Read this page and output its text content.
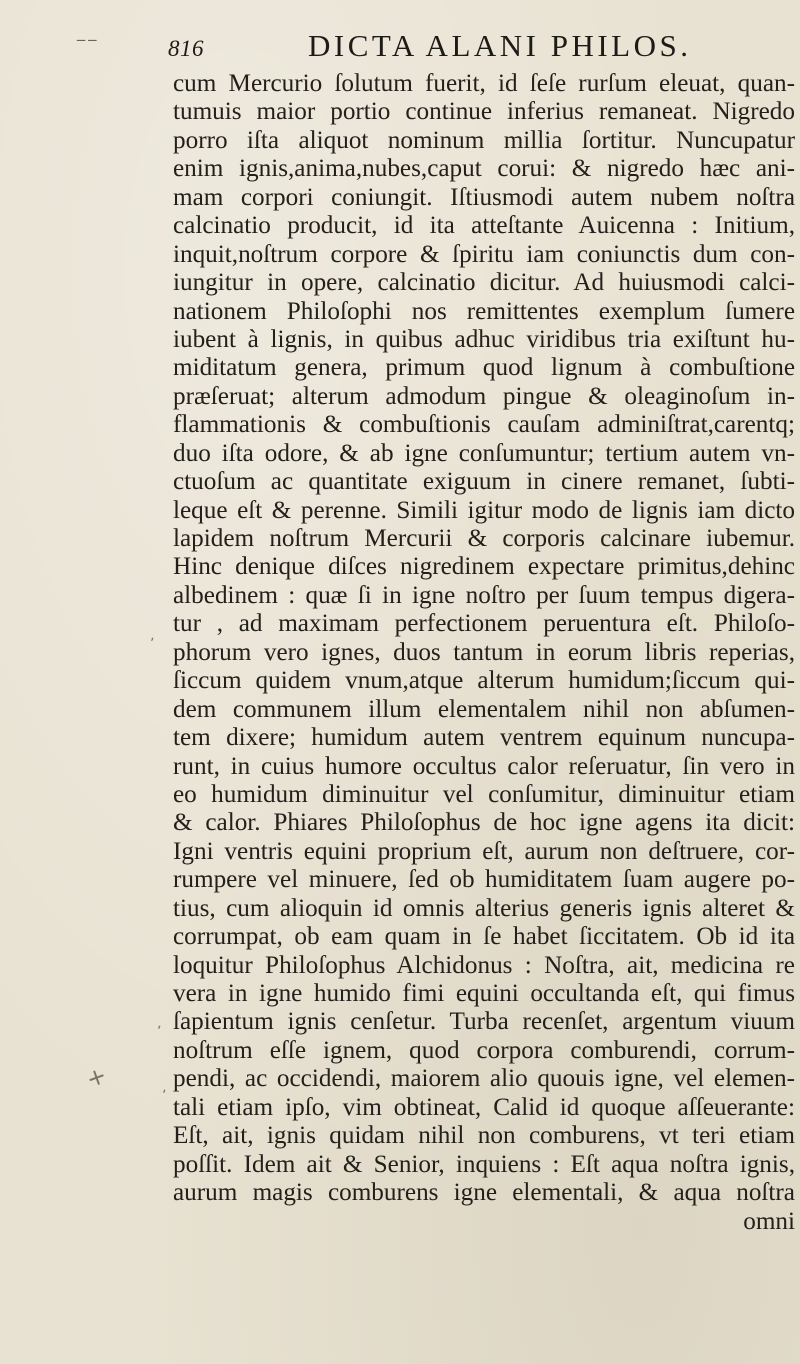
‒ ‒
✕
ʼ
ʼ
ʼ
816	DICTA ALANI PHILOS.
cum Mercurio ſolutum fuerit, id ſeſe rurſum eleuat, quan-
tumuis maior portio continue inferius remaneat. Nigredo
porro iſta aliquot nominum millia ſortitur. Nuncupatur
enim ignis,anima,nubes,caput corui: & nigredo hæc ani-
mam corpori coniungit. Iſtiusmodi autem nubem noſtra
calcinatio producit, id ita atteſtante Auicenna : Initium,
inquit,noſtrum corpore & ſpiritu iam coniunctis dum con-
iungitur in opere, calcinatio dicitur. Ad huiusmodi calci-
nationem Philoſophi nos remittentes exemplum ſumere
iubent à lignis, in quibus adhuc viridibus tria exiſtunt hu-
miditatum genera, primum quod lignum à combuſtione
præſeruat; alterum admodum pingue & oleaginoſum in-
flammationis & combuſtionis cauſam adminiſtrat,carentq;
duo iſta odore, & ab igne conſumuntur; tertium autem vn-
ctuoſum ac quantitate exiguum in cinere remanet, ſubti-
leque eſt & perenne. Simili igitur modo de lignis iam dicto
lapidem noſtrum Mercurii & corporis calcinare iubemur.
Hinc denique diſces nigredinem expectare primitus,dehinc
albedinem : quæ ſi in igne noſtro per ſuum tempus digera-
tur , ad maximam perfectionem peruentura eſt. Philoſo-
phorum vero ignes, duos tantum in eorum libris reperias,
ſiccum quidem vnum,atque alterum humidum;ſiccum qui-
dem communem illum elementalem nihil non abſumen-
tem dixere; humidum autem ventrem equinum nuncupa-
runt, in cuius humore occultus calor reſeruatur, ſin vero in
eo humidum diminuitur vel conſumitur, diminuitur etiam
& calor. Phiares Philoſophus de hoc igne agens ita dicit:
Igni ventris equini proprium eſt, aurum non deſtruere, cor-
rumpere vel minuere, ſed ob humiditatem ſuam augere po-
tius, cum alioquin id omnis alterius generis ignis alteret &
corrumpat, ob eam quam in ſe habet ſiccitatem. Ob id ita
loquitur Philoſophus Alchidonus : Noſtra, ait, medicina re
vera in igne humido fimi equini occultanda eſt, qui fimus
ſapientum ignis cenſetur. Turba recenſet, argentum viuum
noſtrum eſſe ignem, quod corpora comburendi, corrum-
pendi, ac occidendi, maiorem alio quouis igne, vel elemen-
tali etiam ipſo, vim obtineat, Calid id quoque aſſeuerante:
Eſt, ait, ignis quidam nihil non comburens, vt teri etiam
poſſit. Idem ait & Senior, inquiens : Eſt aqua noſtra ignis,
aurum magis comburens igne elementali, & aqua noſtra
omni
